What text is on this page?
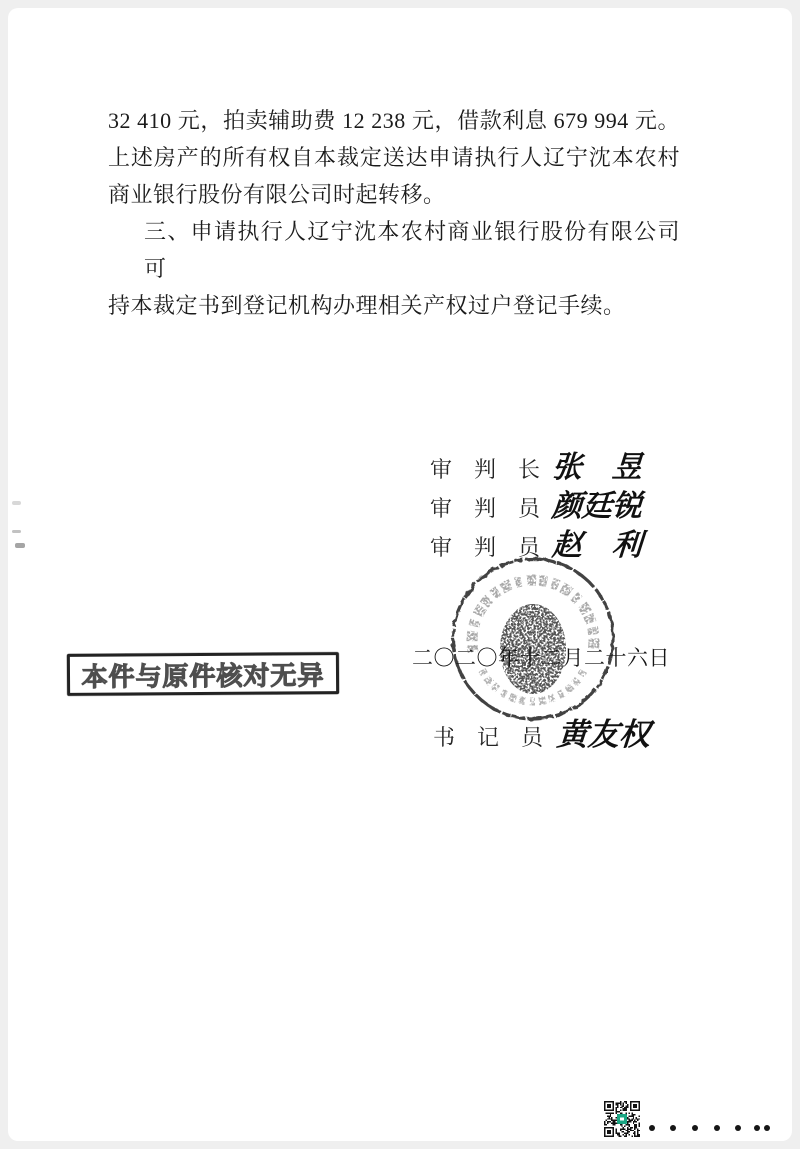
32 410 元，拍卖辅助费 12 238 元，借款利息 679 994 元。
上述房产的所有权自本裁定送达申请执行人辽宁沈本农村
商业银行股份有限公司时起转移。
三、申请执行人辽宁沈本农村商业银行股份有限公司可
持本裁定书到登记机构办理相关产权过户登记手续。
审　判　长 张　昱
审　判　员 颜廷锐
审　判　员 赵　利
二〇二〇年十二月二十六日
书　记　员 黄友权
本件与原件核对无异
